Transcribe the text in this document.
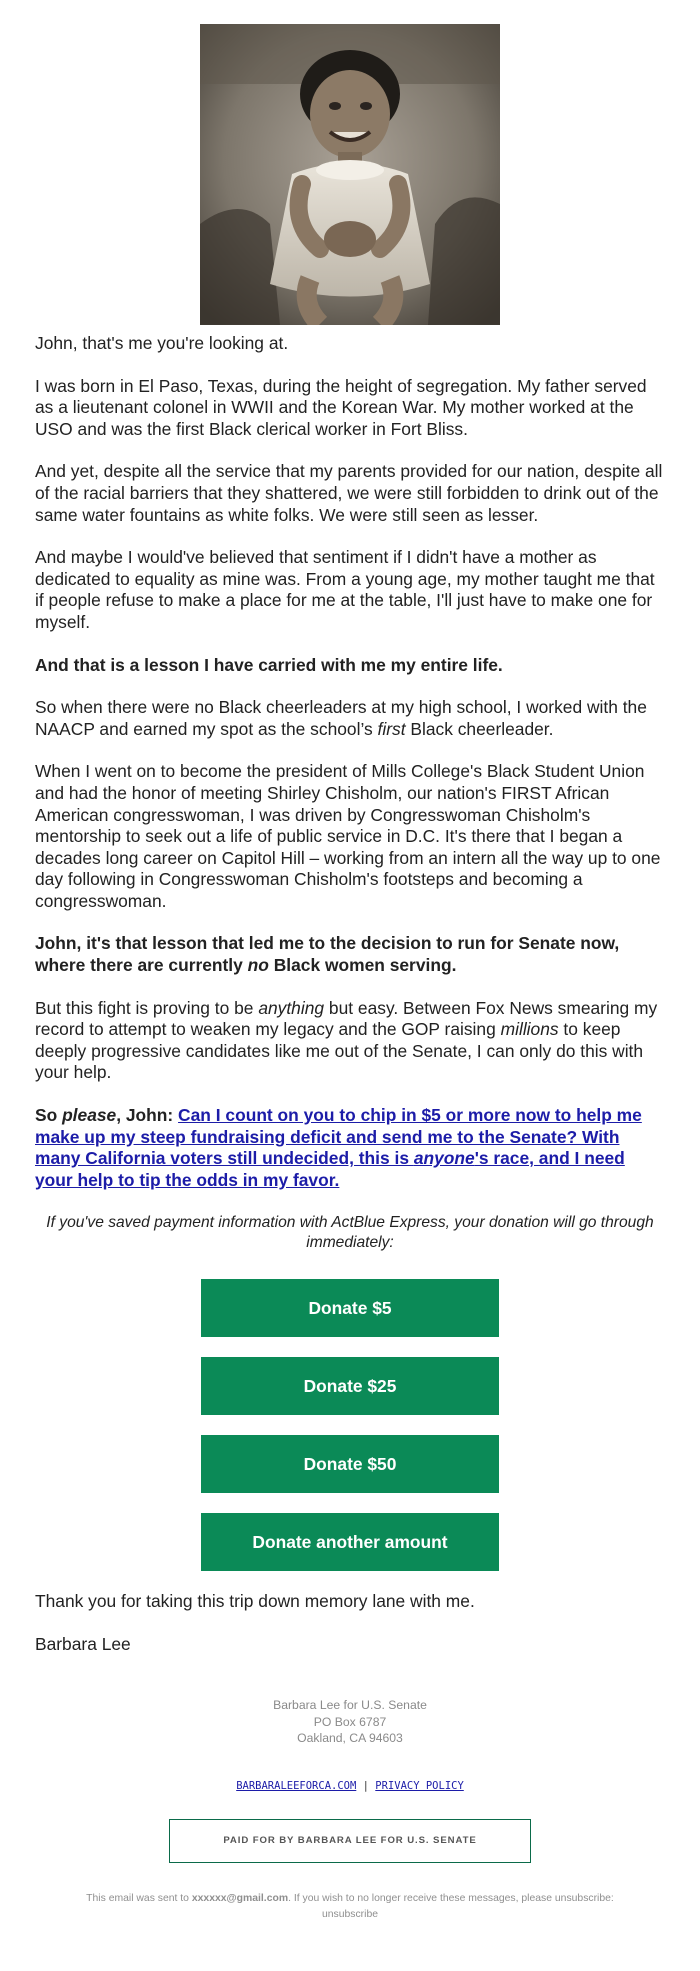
John, that's me you're looking at.

I was born in El Paso, Texas, during the height of segregation. My father served as a lieutenant colonel in WWII and the Korean War. My mother worked at the USO and was the first Black clerical worker in Fort Bliss.

And yet, despite all the service that my parents provided for our nation, despite all of the racial barriers that they shattered, we were still forbidden to drink out of the same water fountains as white folks. We were still seen as lesser.

And maybe I would've believed that sentiment if I didn't have a mother as dedicated to equality as mine was. From a young age, my mother taught me that if people refuse to make a place for me at the table, I'll just have to make one for myself.

And that is a lesson I have carried with me my entire life.

So when there were no Black cheerleaders at my high school, I worked with the NAACP and earned my spot as the school’s first Black cheerleader.

When I went on to become the president of Mills College's Black Student Union and had the honor of meeting Shirley Chisholm, our nation's FIRST African American congresswoman, I was driven by Congresswoman Chisholm's mentorship to seek out a life of public service in D.C. It's there that I began a decades long career on Capitol Hill – working from an intern all the way up to one day following in Congresswoman Chisholm's footsteps and becoming a congresswoman.

John, it's that lesson that led me to the decision to run for Senate now, where there are currently no Black women serving.

But this fight is proving to be anything but easy. Between Fox News smearing my record to attempt to weaken my legacy and the GOP raising millions to keep deeply progressive candidates like me out of the Senate, I can only do this with your help.

So please, John: Can I count on you to chip in $5 or more now to help me make up my steep fundraising deficit and send me to the Senate? With many California voters still undecided, this is anyone's race, and I need your help to tip the odds in my favor.

If you've saved payment information with ActBlue Express, your donation will go through immediately:

Donate $5
Donate $25
Donate $50
Donate another amount

Thank you for taking this trip down memory lane with me.

Barbara Lee

Barbara Lee for U.S. Senate
PO Box 6787
Oakland, CA 94603
BARBARALEEFORCA.COM | PRIVACY POLICY
PAID FOR BY BARBARA LEE FOR U.S. SENATE
This email was sent to xxxxxx@gmail.com. If you wish to no longer receive these messages, please unsubscribe:
unsubscribe
